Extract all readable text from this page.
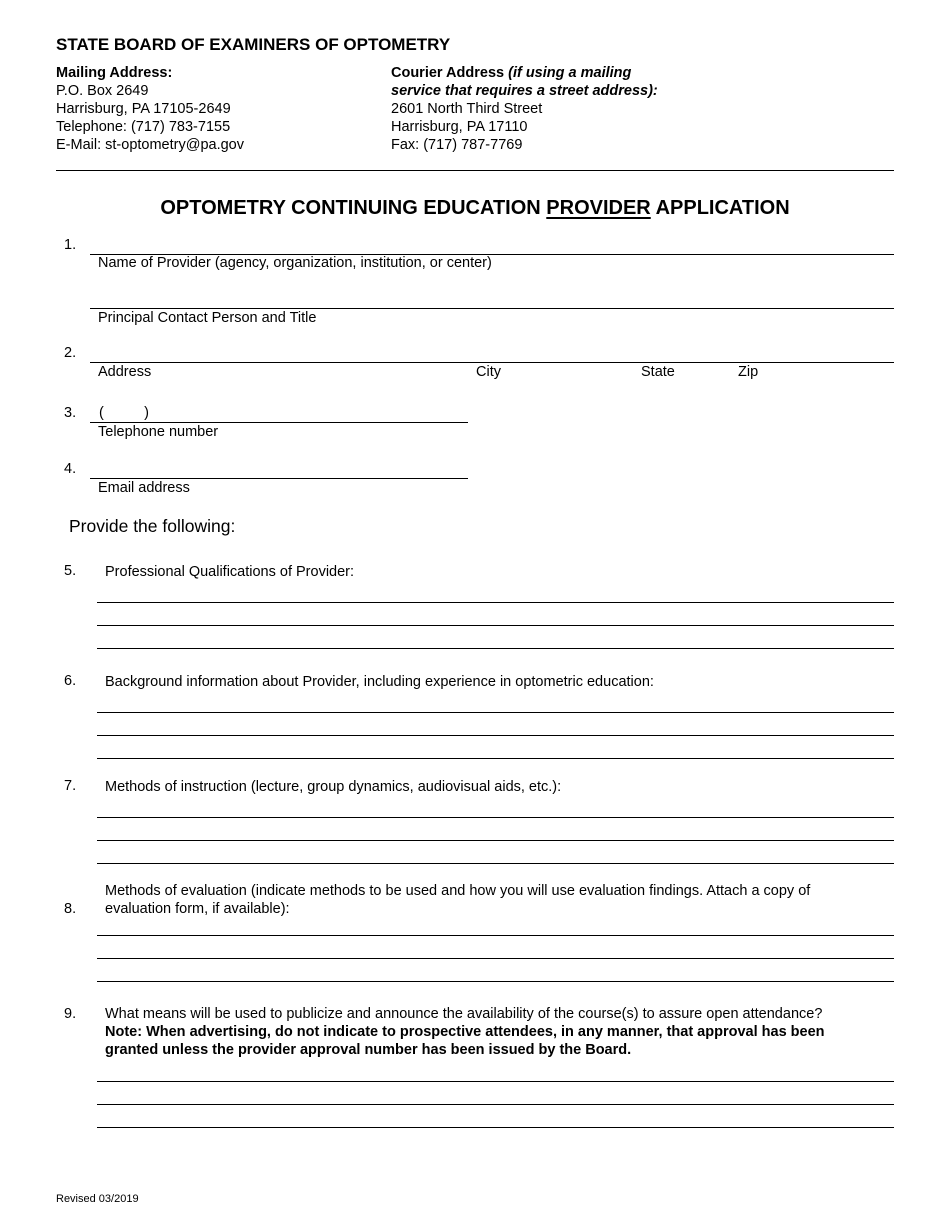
STATE BOARD OF EXAMINERS OF OPTOMETRY
Mailing Address:
P.O. Box 2649
Harrisburg, PA 17105-2649
Telephone: (717) 783-7155
E-Mail: st-optometry@pa.gov
Courier Address (if using a mailing
service that requires a street address):
2601 North Third Street
Harrisburg, PA 17110
Fax: (717) 787-7769
OPTOMETRY CONTINUING EDUCATION PROVIDER APPLICATION
1.
Name of Provider (agency, organization, institution, or center)
Principal Contact Person and Title
2.
Address	City	State	Zip
3. (          )
Telephone number
4.
Email address
Provide the following:
5. Professional Qualifications of Provider:
6. Background information about Provider, including experience in optometric education:
7. Methods of instruction (lecture, group dynamics, audiovisual aids, etc.):
8.
Methods of evaluation (indicate methods to be used and how you will use evaluation findings. Attach a copy of
evaluation form, if available):
9. What means will be used to publicize and announce the availability of the course(s) to assure open attendance?
Note: When advertising, do not indicate to prospective attendees, in any manner, that approval has been
granted unless the provider approval number has been issued by the Board.
Revised 03/2019
